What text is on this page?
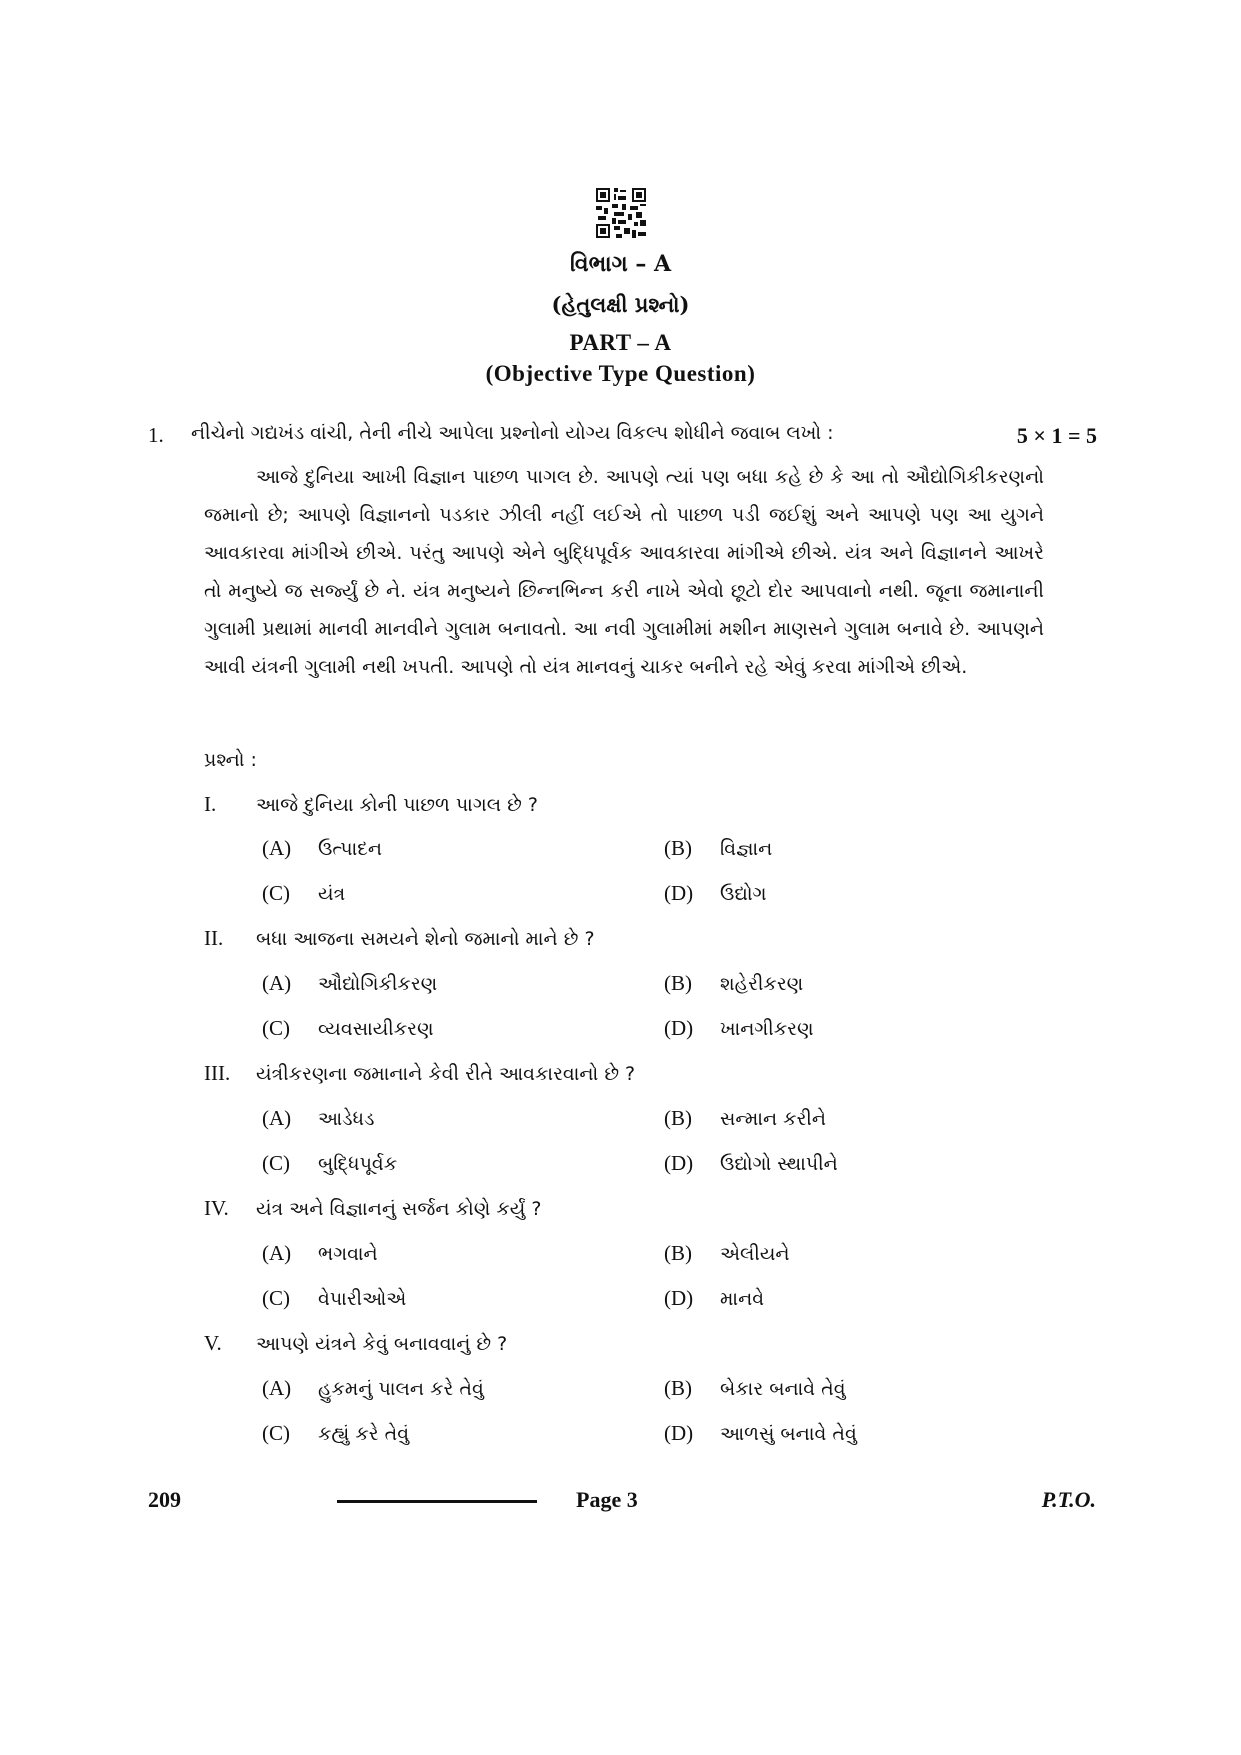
વિભાગ – A
(હેતુલક્ષી પ્રશ્નો)
PART – A
(Objective Type Question)
1. નીચેનો ગદ્યખંડ વાંચી, તેની નીચે આપેલા પ્રશ્નોનો યોગ્ય વિકલ્પ શોધીને જવાબ લખો :	5 × 1 = 5
આજે દુનિયા આખી વિજ્ઞાન પાછળ પાગલ છે. આપણે ત્યાં પણ બધા કહે છે કે આ તો ઔદ્યોગિકીકરણનો જમાનો છે; આપણે વિજ્ઞાનનો પડકાર ઝીલી નહીં લઈએ તો પાછળ પડી જઈશું અને આપણે પણ આ યુગને આવકારવા માંગીએ છીએ. પરંતુ આપણે એને બુદ્ધિપૂર્વક આવકારવા માંગીએ છીએ. યંત્ર અને વિજ્ઞાનને આખરે તો મનુષ્યે જ સર્જ્યું છે ને. યંત્ર મનુષ્યને છિન્નભિન્ન કરી નાખે એવો છૂટો દોર આપવાનો નથી. જૂના જમાનાની ગુલામી પ્રથામાં માનવી માનવીને ગુલામ બનાવતો. આ નવી ગુલામીમાં મશીન માણસને ગુલામ બનાવે છે. આપણને આવી યંત્રની ગુલામી નથી ખપતી. આપણે તો યંત્ર માનવનું ચાકર બનીને રહે એવું કરવા માંગીએ છીએ.
પ્રશ્નો :
I. આજે દુનિયા કોની પાછળ પાગલ છે ?
(A) ઉત્પાદન	(B) વિજ્ઞાન
(C) યંત્ર	(D) ઉદ્યોગ
II. બધા આજના સમયને શેનો જમાનો માને છે ?
(A) ઔદ્યોગિકીકરણ	(B) શહેરીકરણ
(C) વ્યવસાયીકરણ	(D) ખાનગીકરણ
III. યંત્રીકરણના જમાનાને કેવી રીતે આવકારવાનો છે ?
(A) આડેધડ	(B) સન્માન કરીને
(C) બુદ્ધિપૂર્વક	(D) ઉદ્યોગો સ્થાપીને
IV. યંત્ર અને વિજ્ઞાનનું સર્જન કોણે કર્યું ?
(A) ભગવાને	(B) એલીયને
(C) વેપારીઓએ	(D) માનવે
V. આપણે યંત્રને કેવું બનાવવાનું છે ?
(A) હુકમનું પાલન કરે તેવું	(B) બેકાર બનાવે તેવું
(C) કહ્યું કરે તેવું	(D) આળસું બનાવે તેવું
209	Page 3	P.T.O.
